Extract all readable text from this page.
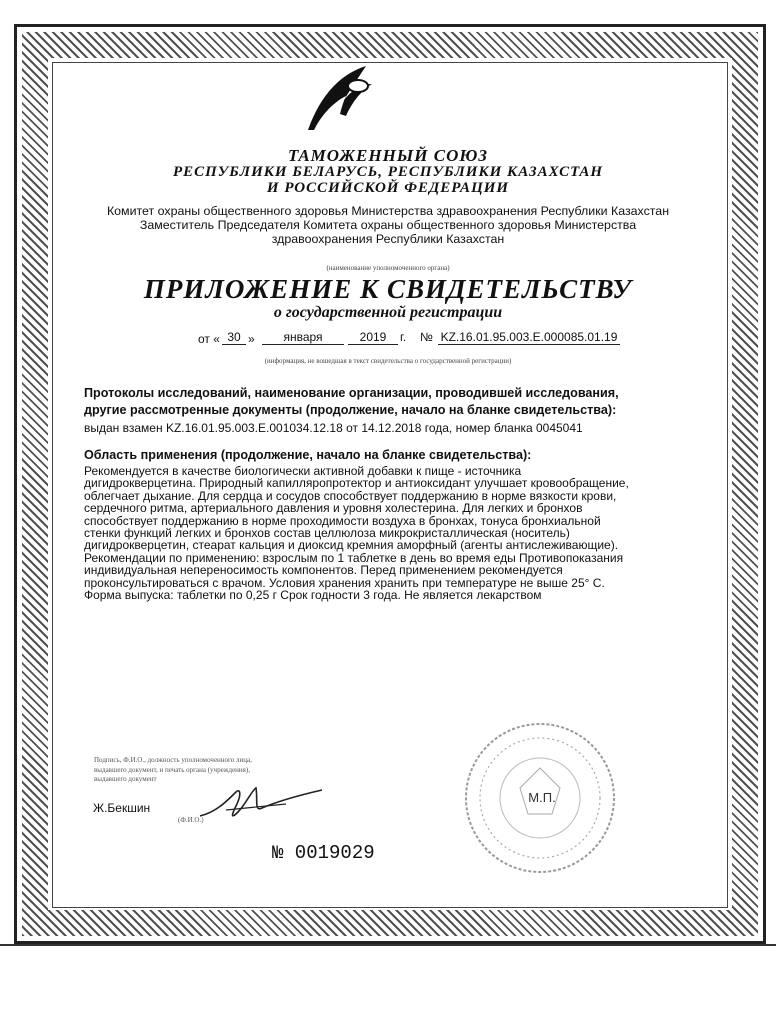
ТАМОЖЕННЫЙ СОЮЗ
РЕСПУБЛИКИ БЕЛАРУСЬ, РЕСПУБЛИКИ КАЗАХСТАН
И РОССИЙСКОЙ ФЕДЕРАЦИИ
Комитет охраны общественного здоровья Министерства здравоохранения Республики Казахстан
Заместитель Председателя Комитета охраны общественного здоровья Министерства
здравоохранения Республики Казахстан
(наименование уполномоченного органа)
ПРИЛОЖЕНИЕ К СВИДЕТЕЛЬСТВУ
о государственной регистрации
от « 30 »	января	2019	г. № KZ.16.01.95.003.Е.000085.01.19
(информация, не вошедшая в текст свидетельства о государственной регистрации)
Протоколы исследований, наименование организации, проводившей исследования,
другие рассмотренные документы (продолжение, начало на бланке свидетельства):
выдан взамен KZ.16.01.95.003.Е.001034.12.18 от 14.12.2018 года, номер бланка 0045041
Область применения (продолжение, начало на бланке свидетельства):
Рекомендуется в качестве биологически активной добавки к пище - источника
дигидрокверцетина. Природный капилляропротектор и антиоксидант улучшает кровообращение,
облегчает дыхание. Для сердца и сосудов способствует поддержанию в норме вязкости крови,
сердечного ритма, артериального давления и уровня холестерина. Для легких и бронхов
способствует поддержанию в норме проходимости воздуха в бронхах, тонуса бронхиальной
стенки функций легких и бронхов состав целлюлоза микрокристаллическая (носитель)
дигидрокверцетин, стеарат кальция и диоксид кремния аморфный (агенты антислеживающие).
Рекомендации по применению: взрослым по 1 таблетке в день во время еды Противопоказания
индивидуальная непереносимость компонентов. Перед применением рекомендуется
проконсультироваться с врачом. Условия хранения хранить при температуре не выше 25° С.
Форма выпуска: таблетки по 0,25 г Срок годности 3 года. Не является лекарством
Подпись, Ф.И.О., должность уполномоченного лица,
выдавшего документ, и печать органа (учреждения),
выдавшего документ
Ж.Бекшин
(Ф.И.О.)
М.П.
№ 0019029
